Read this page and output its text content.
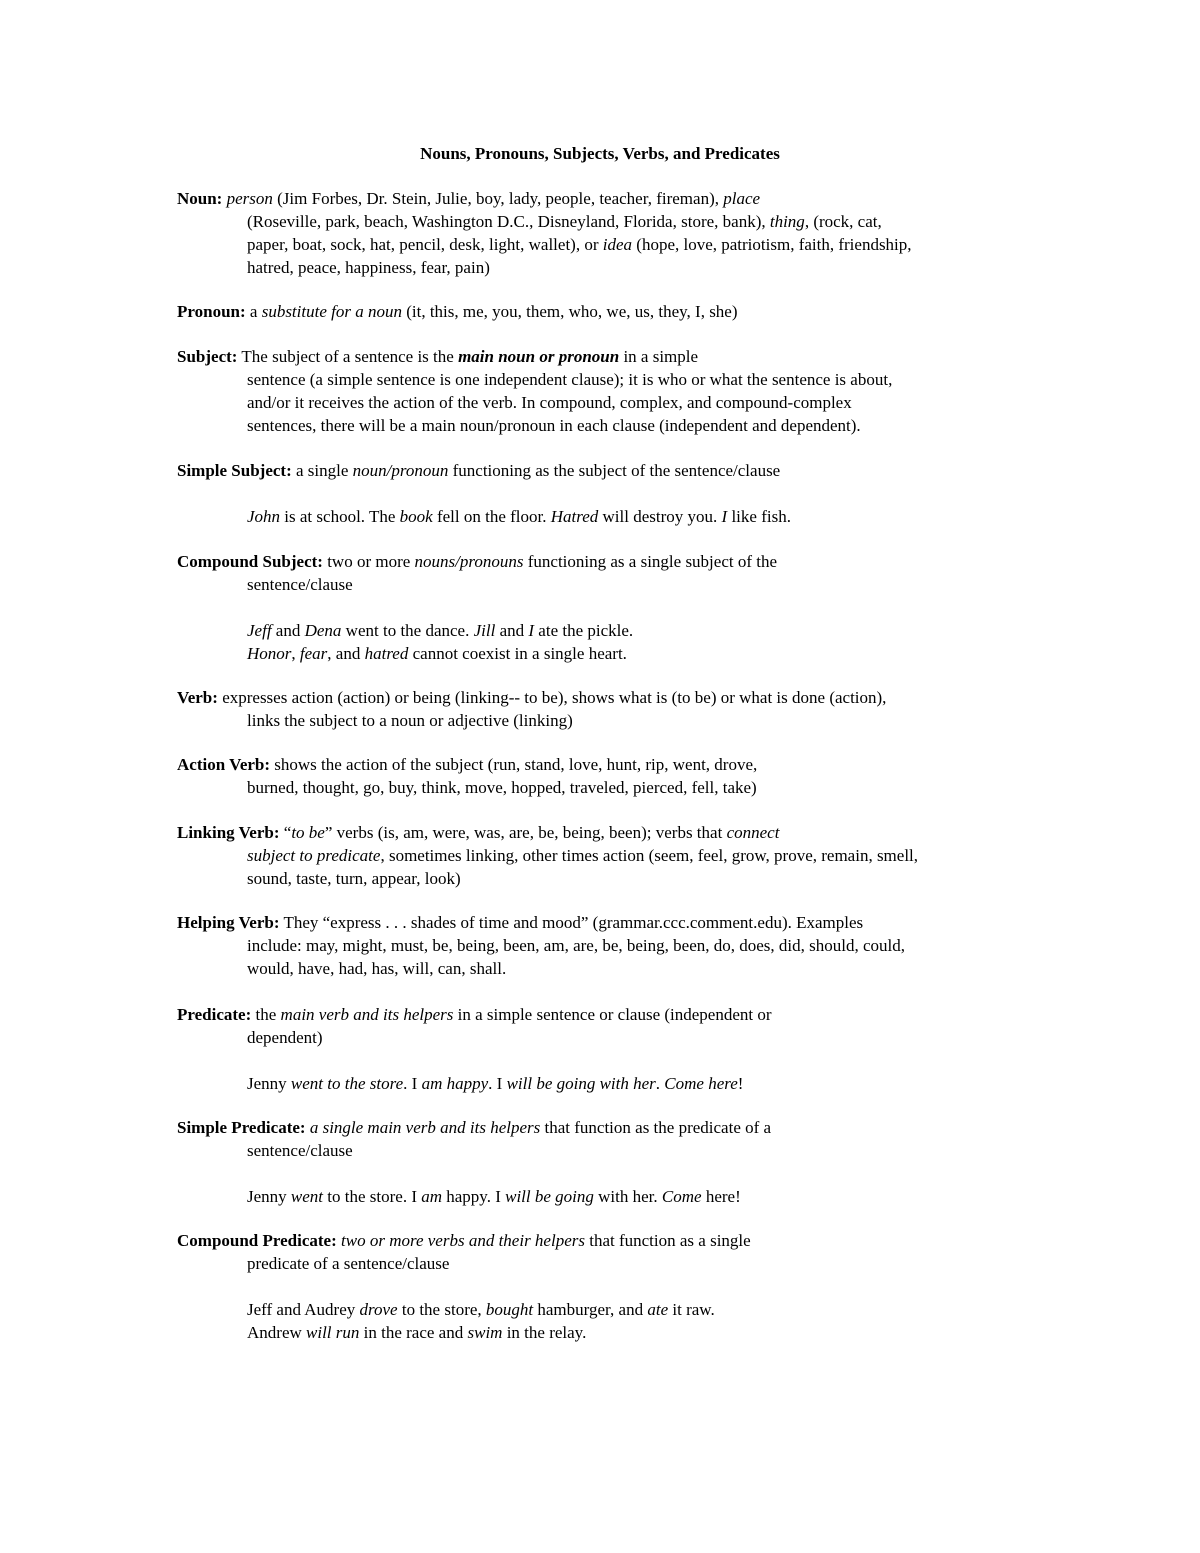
Nouns, Pronouns, Subjects, Verbs, and Predicates
Noun: person (Jim Forbes, Dr. Stein, Julie, boy, lady, people, teacher, fireman), place
(Roseville, park, beach, Washington D.C., Disneyland, Florida, store, bank), thing, (rock, cat,
paper, boat, sock, hat, pencil, desk, light, wallet), or idea (hope, love, patriotism, faith, friendship,
hatred, peace, happiness, fear, pain)
Pronoun: a substitute for a noun (it, this, me, you, them, who, we, us, they, I, she)
Subject: The subject of a sentence is the main noun or pronoun in a simple
sentence (a simple sentence is one independent clause); it is who or what the sentence is about,
and/or it receives the action of the verb. In compound, complex, and compound-complex
sentences, there will be a main noun/pronoun in each clause (independent and dependent).
Simple Subject: a single noun/pronoun functioning as the subject of the sentence/clause
John is at school. The book fell on the floor. Hatred will destroy you. I like fish.
Compound Subject: two or more nouns/pronouns functioning as a single subject of the
sentence/clause
Jeff and Dena went to the dance. Jill and I ate the pickle.
Honor, fear, and hatred cannot coexist in a single heart.
Verb: expresses action (action) or being (linking-- to be), shows what is (to be) or what is done (action),
links the subject to a noun or adjective (linking)
Action Verb: shows the action of the subject (run, stand, love, hunt, rip, went, drove,
burned, thought, go, buy, think, move, hopped, traveled, pierced, fell, take)
Linking Verb: “to be” verbs (is, am, were, was, are, be, being, been); verbs that connect
subject to predicate, sometimes linking, other times action (seem, feel, grow, prove, remain, smell,
sound, taste, turn, appear, look)
Helping Verb: They “express . . . shades of time and mood” (grammar.ccc.comment.edu). Examples
include: may, might, must, be, being, been, am, are, be, being, been, do, does, did, should, could,
would, have, had, has, will, can, shall.
Predicate: the main verb and its helpers in a simple sentence or clause (independent or
dependent)
Jenny went to the store. I am happy. I will be going with her. Come here!
Simple Predicate: a single main verb and its helpers that function as the predicate of a
sentence/clause
Jenny went to the store. I am happy. I will be going with her. Come here!
Compound Predicate: two or more verbs and their helpers that function as a single
predicate of a sentence/clause
Jeff and Audrey drove to the store, bought hamburger, and ate it raw.
Andrew will run in the race and swim in the relay.
